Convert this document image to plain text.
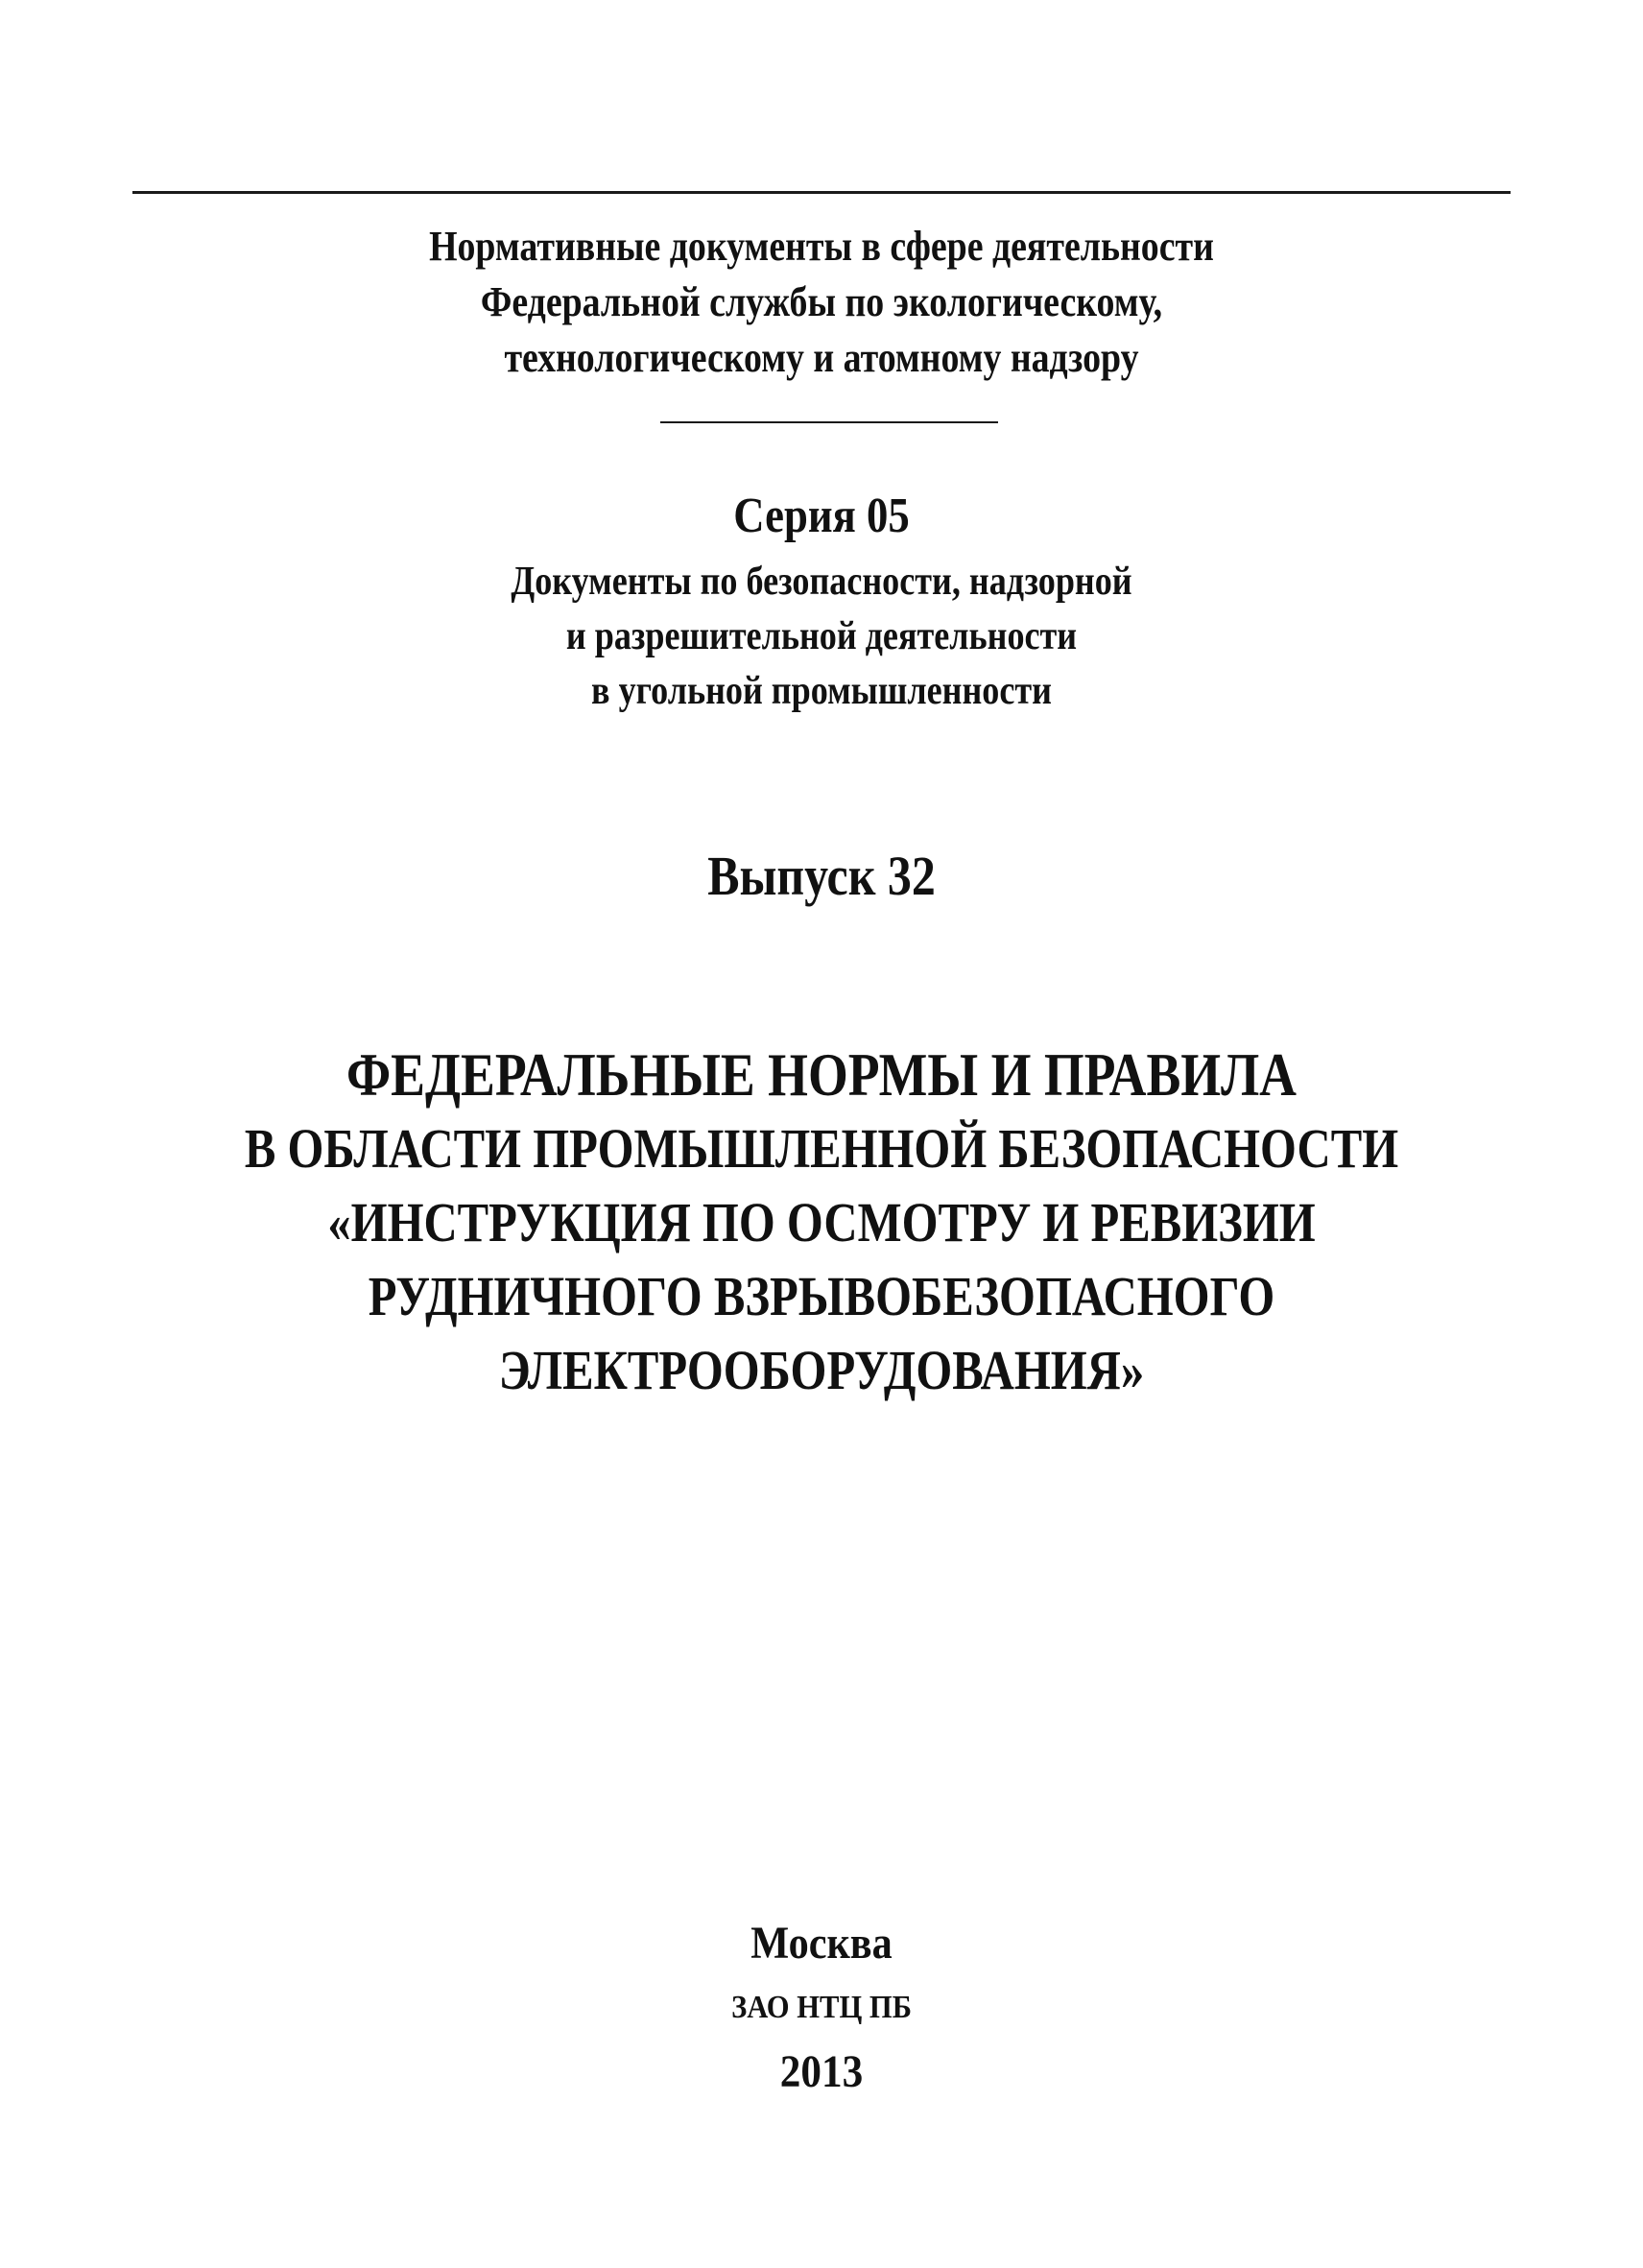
Нормативные документы в сфере деятельности
Федеральной службы по экологическому,
технологическому и атомному надзору
Серия 05
Документы по безопасности, надзорной
и разрешительной деятельности
в угольной промышленности
Выпуск 32
ФЕДЕРАЛЬНЫЕ НОРМЫ И ПРАВИЛА
В ОБЛАСТИ ПРОМЫШЛЕННОЙ БЕЗОПАСНОСТИ
«ИНСТРУКЦИЯ ПО ОСМОТРУ И РЕВИЗИИ
РУДНИЧНОГО ВЗРЫВОБЕЗОПАСНОГО
ЭЛЕКТРООБОРУДОВАНИЯ»
Москва
ЗАО НТЦ ПБ
2013
